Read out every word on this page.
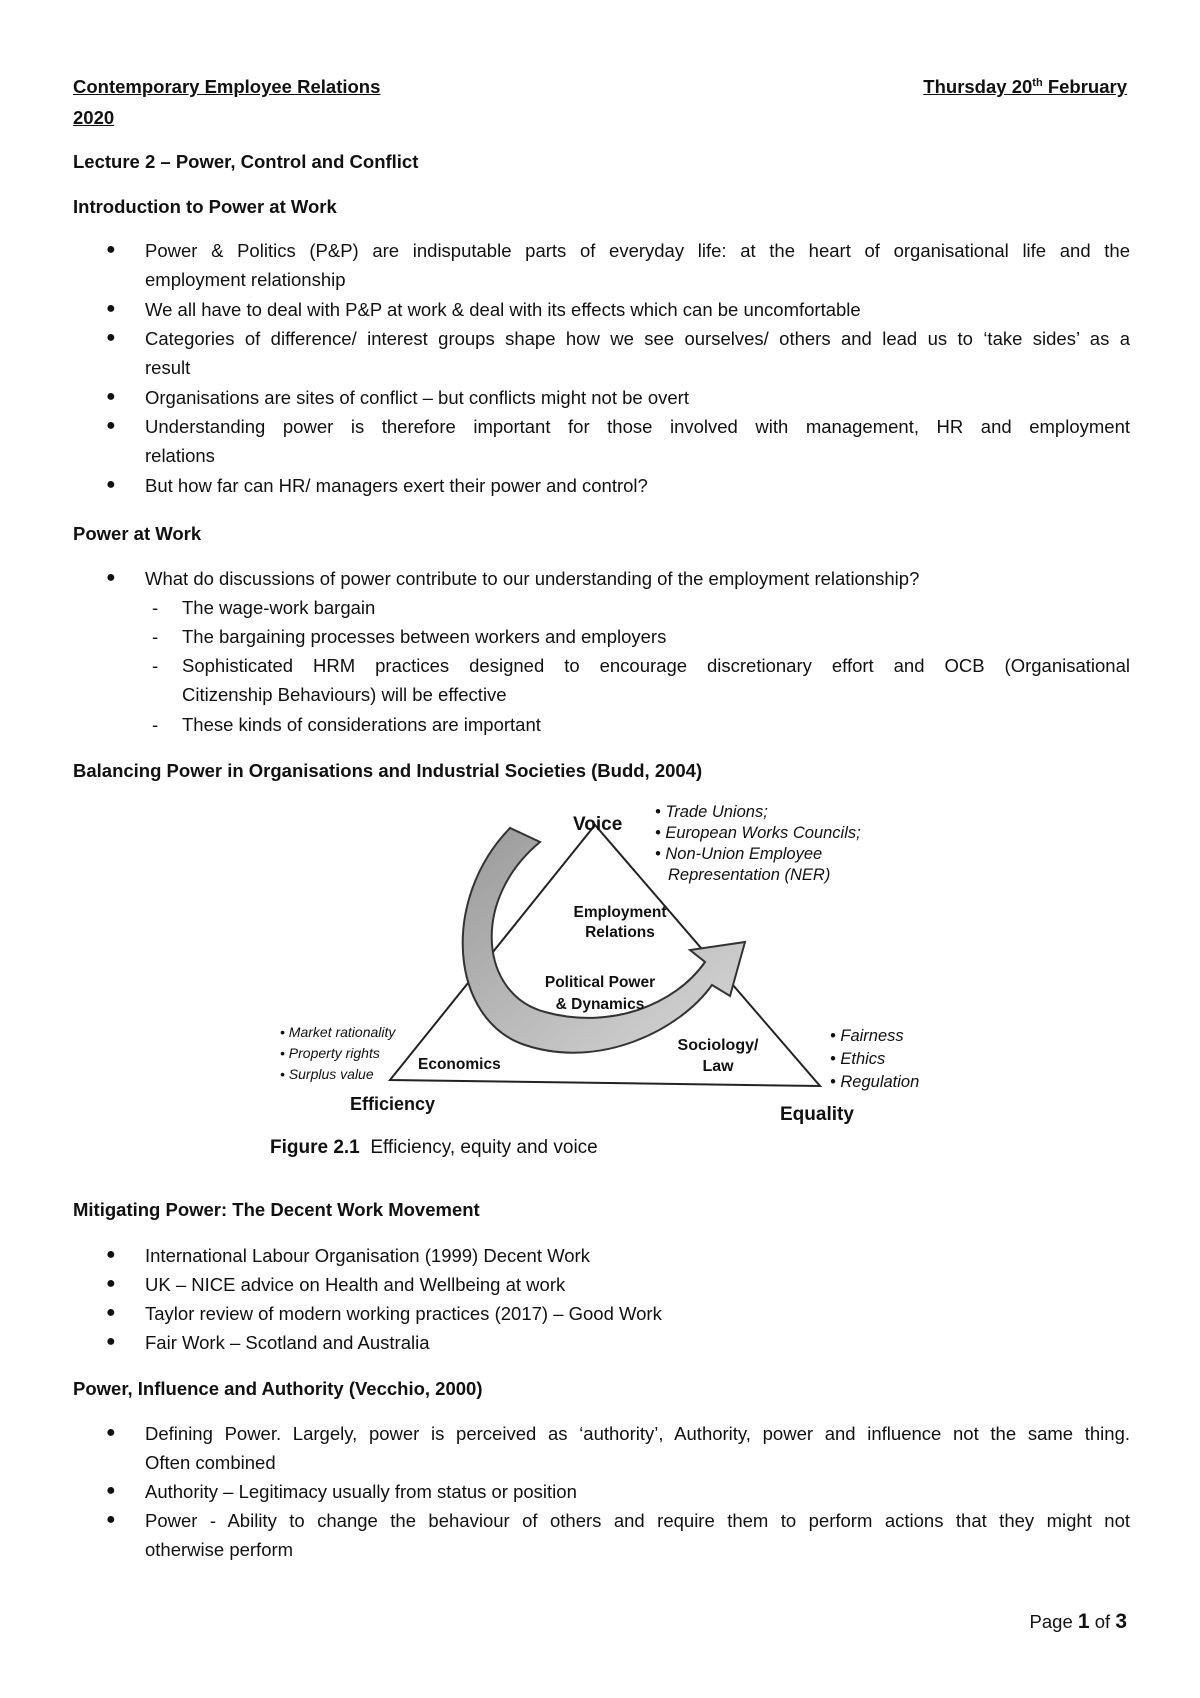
Contemporary Employee Relations	Thursday 20th February
2020
Lecture 2 – Power, Control and Conflict
Introduction to Power at Work
● Power & Politics (P&P) are indisputable parts of everyday life: at the heart of organisational life and the
employment relationship
● We all have to deal with P&P at work & deal with its effects which can be uncomfortable
● Categories of difference/ interest groups shape how we see ourselves/ others and lead us to ‘take sides’ as a
result
● Organisations are sites of conflict – but conflicts might not be overt
● Understanding power is therefore important for those involved with management, HR and employment
relations
● But how far can HR/ managers exert their power and control?
Power at Work
● What do discussions of power contribute to our understanding of the employment relationship?
- The wage-work bargain
- The bargaining processes between workers and employers
- Sophisticated HRM practices designed to encourage discretionary effort and OCB (Organisational
Citizenship Behaviours) will be effective
- These kinds of considerations are important
Balancing Power in Organisations and Industrial Societies (Budd, 2004)
Voice
• Trade Unions;
• European Works Councils;
• Non-Union Employee
Representation (NER)
Employment
Relations
Political Power
& Dynamics
Economics
Sociology/
Law
• Market rationality
• Property rights
• Surplus value
Efficiency
• Fairness
• Ethics
• Regulation
Equality
Figure 2.1 Efficiency, equity and voice
Mitigating Power: The Decent Work Movement
● International Labour Organisation (1999) Decent Work
● UK – NICE advice on Health and Wellbeing at work
● Taylor review of modern working practices (2017) – Good Work
● Fair Work – Scotland and Australia
Power, Influence and Authority (Vecchio, 2000)
● Defining Power. Largely, power is perceived as ‘authority’, Authority, power and influence not the same thing.
Often combined
● Authority – Legitimacy usually from status or position
● Power - Ability to change the behaviour of others and require them to perform actions that they might not
otherwise perform
Page 1 of 3
